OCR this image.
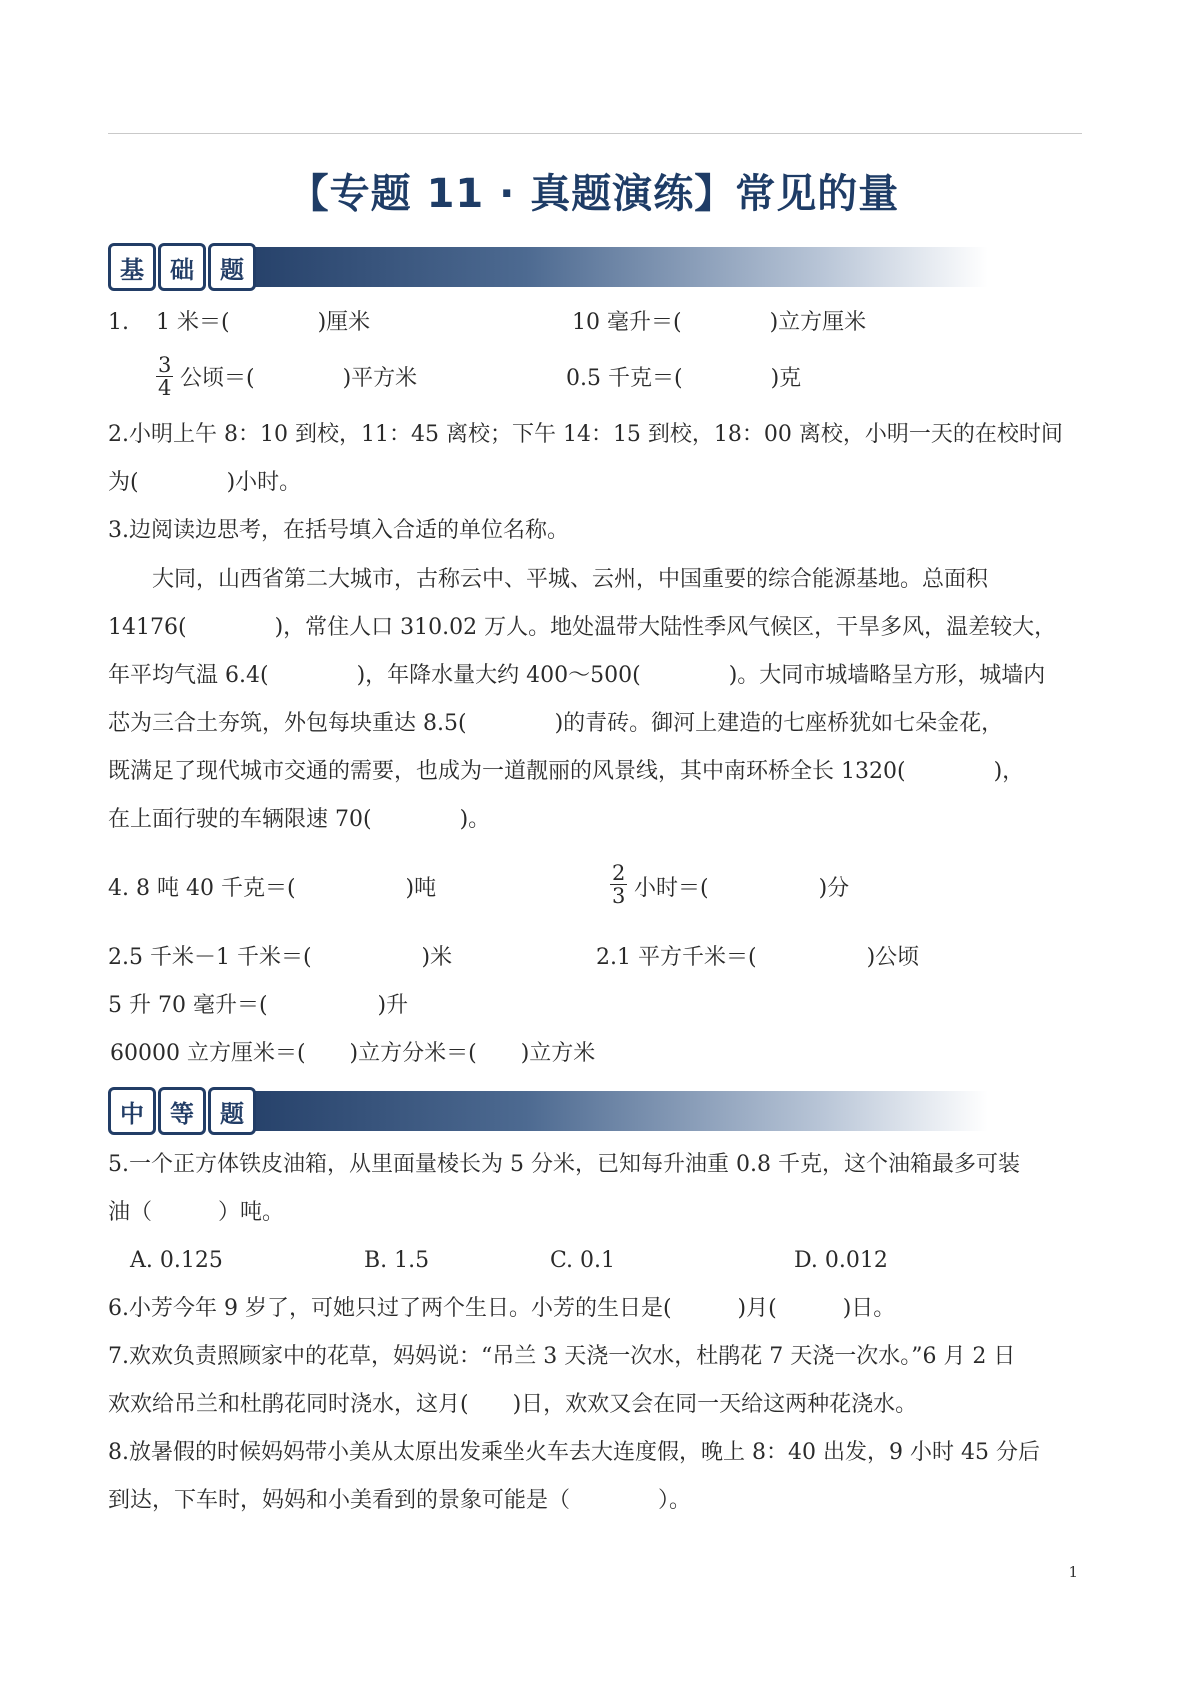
【专题 11 · 真题演练】常见的量
基	础	题
1. 1 米＝(　　　　)厘米	10 毫升＝(　　　　)立方厘米
$\frac{3}{4}$ 公顷＝(　　　　)平方米	0.5 千克＝(　　　　)克
2.小明上午 8：10 到校，11：45 离校；下午 14：15 到校，18：00 离校，小明一天的在校时间
为(　　　　)小时。
3.边阅读边思考，在括号填入合适的单位名称。
大同，山西省第二大城市，古称云中、平城、云州，中国重要的综合能源基地。总面积
14176(　　　　)，常住人口 310.02 万人。地处温带大陆性季风气候区，干旱多风，温差较大，
年平均气温 6.4(　　　　)，年降水量大约 400～500(　　　　)。大同市城墙略呈方形，城墙内
芯为三合土夯筑，外包每块重达 8.5(　　　　)的青砖。御河上建造的七座桥犹如七朵金花，
既满足了现代城市交通的需要，也成为一道靓丽的风景线，其中南环桥全长 1320(　　　　)，
在上面行驶的车辆限速 70(　　　　)。
4. 8 吨 40 千克＝(　　　　　)吨	$\frac{2}{3}$ 小时＝(　　　　　)分
2.5 千米－1 千米＝(　　　　　)米	2.1 平方千米＝(　　　　　)公顷
5 升 70 毫升＝(　　　　　)升
60000 立方厘米＝(　　)立方分米＝(　　)立方米
中	等	题
5.一个正方体铁皮油箱，从里面量棱长为 5 分米，已知每升油重 0.8 千克，这个油箱最多可装
油（　　　）吨。
A. 0.125	B. 1.5	C. 0.1	D. 0.012
6.小芳今年 9 岁了，可她只过了两个生日。小芳的生日是(　　　)月(　　　)日。
7.欢欢负责照顾家中的花草，妈妈说：“吊兰 3 天浇一次水，杜鹃花 7 天浇一次水。”6 月 2 日
欢欢给吊兰和杜鹃花同时浇水，这月(　　)日，欢欢又会在同一天给这两种花浇水。
8.放暑假的时候妈妈带小美从太原出发乘坐火车去大连度假，晚上 8：40 出发，9 小时 45 分后
到达，下车时，妈妈和小美看到的景象可能是（　　　　）。
1
